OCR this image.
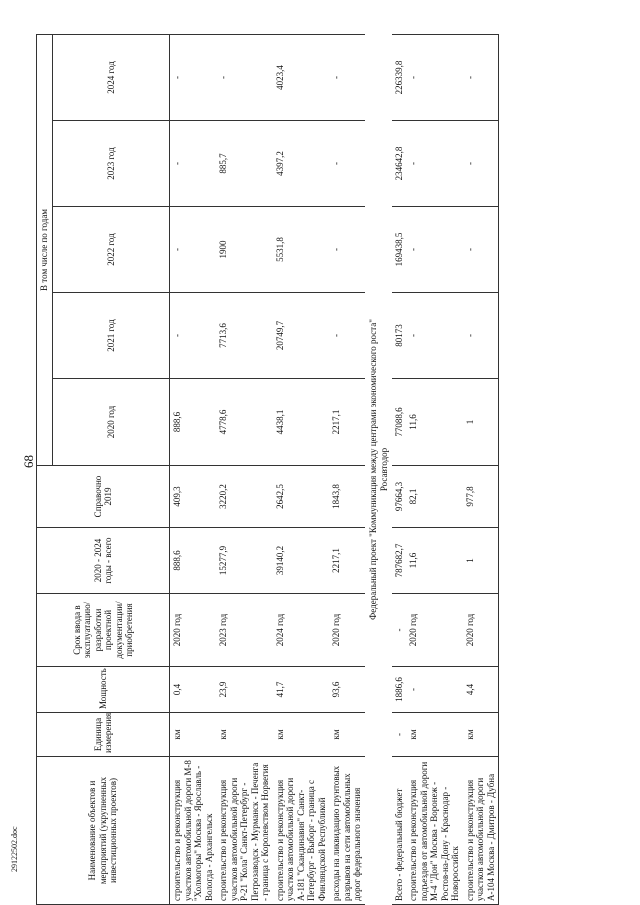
68
29122502.doc	Наименование объектов и мероприятий (укрупненных инвестиционных проектов)	Единица измерения	Мощность	Срок ввода в эксплуатацию/ разработки проектной документации/ приобретения	2020 - 2024 годы - всего	Справочно 2019	В том числе по годам				
						2020 год	2021 год	2022 год	2023 год	2024 год
строительство и реконструкция участков автомобильной дороги М-8 "Холмогоры" Москва - Ярославль - Вологда - Архангельск	км	0,4	2020 год	888,6	409,3	888,6	-	-	-	-
строительство и реконструкция участков автомобильной дороги Р-21 "Кола" Санкт-Петербург - Петрозаводск - Мурманск - Печенга - граница с Королевством Норвегия	км	23,9	2023 год	15277,9	3220,2	4778,6	7713,6	1900	885,7	-
строительство и реконструкция участков автомобильной дороги А-181 "Скандинавия" Санкт-Петербург - Выборг - граница с Финляндской Республикой	км	41,7	2024 год	39140,2	2642,5	4438,1	20749,7	5531,8	4397,2	4023,4
расходы на ликвидацию грунтовых разрывов на сети автомобильных дорог федерального значения	км	93,6	2020 год	2217,1	1843,8	2217,1	-	-	-	-
Федеральный проект "Коммуникация между центрами экономического роста"										
Росавтодор										
Всего - федеральный бюджет	-	1886,6	-	787682,7	97664,3	77088,6	80173	169438,5	234642,8	226339,8
строительство и реконструкция подъездов от автомобильной дороги М-4 "Дон" Москва - Воронеж - Ростов-на-Дону - Краснодар - Новороссийск	км	-	2020 год	11,6	82,1	11,6	-	-	-	-
строительство и реконструкция участков автомобильной дороги А-104 Москва - Дмитров - Дубна	км	4,4	2020 год	1	977,8	1	-	-	-	-
